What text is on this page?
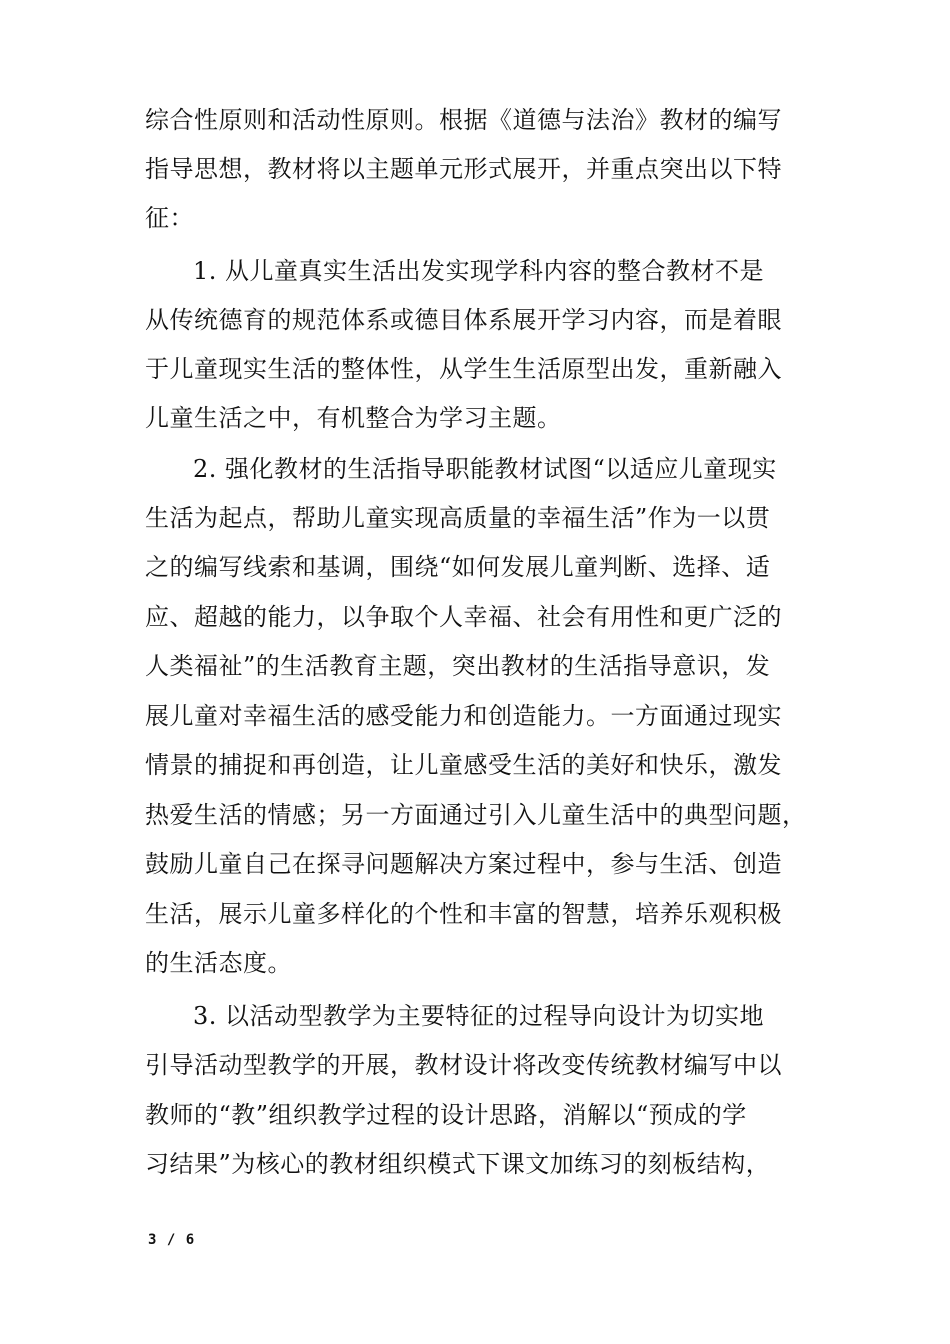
综合性原则和活动性原则。根据《道德与法治》教材的编写
指导思想，教材将以主题单元形式展开，并重点突出以下特
征：
1. 从儿童真实生活出发实现学科内容的整合教材不是
从传统德育的规范体系或德目体系展开学习内容，而是着眼
于儿童现实生活的整体性，从学生生活原型出发，重新融入
儿童生活之中，有机整合为学习主题。
2. 强化教材的生活指导职能教材试图“以适应儿童现实
生活为起点，帮助儿童实现高质量的幸福生活”作为一以贯
之的编写线索和基调，围绕“如何发展儿童判断、选择、适
应、超越的能力，以争取个人幸福、社会有用性和更广泛的
人类福祉”的生活教育主题，突出教材的生活指导意识，发
展儿童对幸福生活的感受能力和创造能力。一方面通过现实
情景的捕捉和再创造，让儿童感受生活的美好和快乐，激发
热爱生活的情感；另一方面通过引入儿童生活中的典型问题，
鼓励儿童自己在探寻问题解决方案过程中，参与生活、创造
生活，展示儿童多样化的个性和丰富的智慧，培养乐观积极
的生活态度。
3. 以活动型教学为主要特征的过程导向设计为切实地
引导活动型教学的开展，教材设计将改变传统教材编写中以
教师的“教”组织教学过程的设计思路，消解以“预成的学
习结果”为核心的教材组织模式下课文加练习的刻板结构，
3 / 6
